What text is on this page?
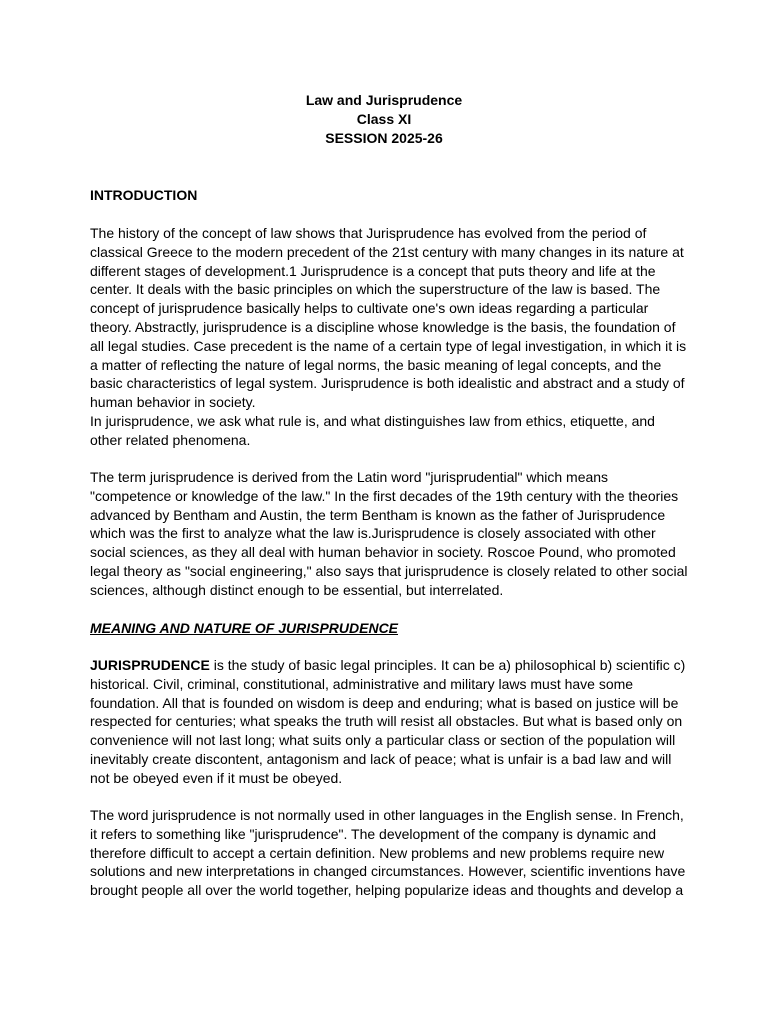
Law and Jurisprudence
Class XI
SESSION 2025-26
INTRODUCTION

The history of the concept of law shows that Jurisprudence has evolved from the period of classical Greece to the modern precedent of the 21st century with many changes in its nature at different stages of development.1 Jurisprudence is a concept that puts theory and life at the center. It deals with the basic principles on which the superstructure of the law is based. The concept of jurisprudence basically helps to cultivate one's own ideas regarding a particular theory. Abstractly, jurisprudence is a discipline whose knowledge is the basis, the foundation of all legal studies. Case precedent is the name of a certain type of legal investigation, in which it is a matter of reflecting the nature of legal norms, the basic meaning of legal concepts, and the basic characteristics of legal system. Jurisprudence is both idealistic and abstract and a study of human behavior in society.

In jurisprudence, we ask what rule is, and what distinguishes law from ethics, etiquette, and other related phenomena.

The term jurisprudence is derived from the Latin word "jurisprudential" which means "competence or knowledge of the law." In the first decades of the 19th century with the theories advanced by Bentham and Austin, the term Bentham is known as the father of Jurisprudence which was the first to analyze what the law is.Jurisprudence is closely associated with other social sciences, as they all deal with human behavior in society. Roscoe Pound, who promoted legal theory as "social engineering," also says that jurisprudence is closely related to other social sciences, although distinct enough to be essential, but interrelated.

MEANING AND NATURE OF JURISPRUDENCE

JURISPRUDENCE is the study of basic legal principles. It can be a) philosophical b) scientific c) historical. Civil, criminal, constitutional, administrative and military laws must have some foundation. All that is founded on wisdom is deep and enduring; what is based on justice will be respected for centuries; what speaks the truth will resist all obstacles. But what is based only on convenience will not last long; what suits only a particular class or section of the population will inevitably create discontent, antagonism and lack of peace; what is unfair is a bad law and will not be obeyed even if it must be obeyed.

The word jurisprudence is not normally used in other languages in the English sense. In French, it refers to something like "jurisprudence". The development of the company is dynamic and therefore difficult to accept a certain definition. New problems and new problems require new solutions and new interpretations in changed circumstances. However, scientific inventions have brought people all over the world together, helping popularize ideas and thoughts and develop a
